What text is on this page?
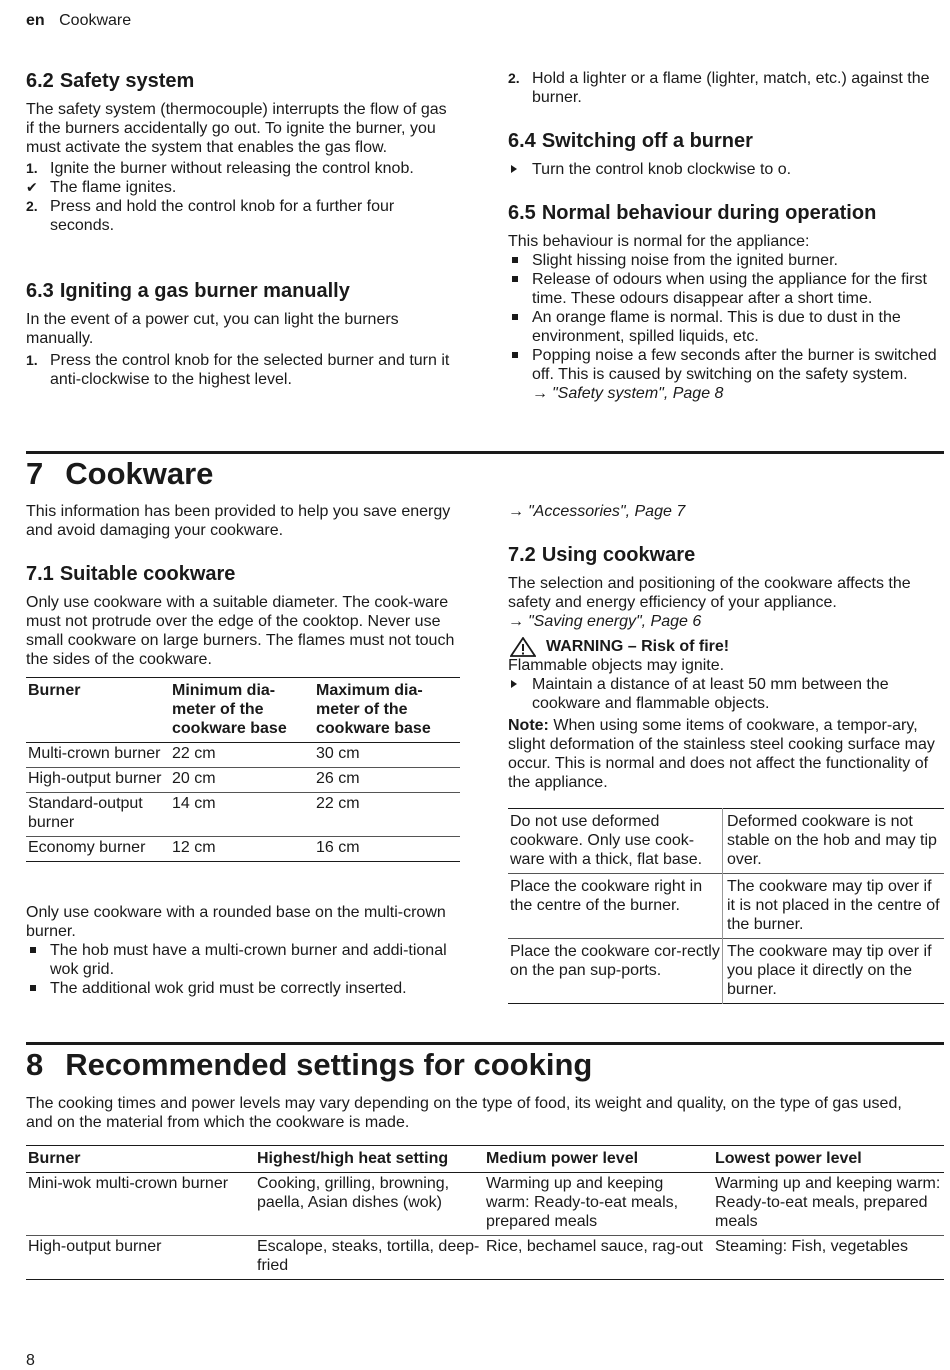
en Cookware
6.2 Safety system

The safety system (thermocouple) interrupts the flow of gas if the burners accidentally go out. To ignite the burner, you must activate the system that enables the gas flow.

1. Ignite the burner without releasing the control knob.
✔ The flame ignites.
2. Press and hold the control knob for a further four seconds.
6.3 Igniting a gas burner manually

In the event of a power cut, you can light the burners manually.

1. Press the control knob for the selected burner and turn it anti-clockwise to the highest level.
2. Hold a lighter or a flame (lighter, match, etc.) against the burner.
6.4 Switching off a burner
Turn the control knob clockwise to o.
6.5 Normal behaviour during operation

This behaviour is normal for the appliance:

Slight hissing noise from the ignited burner.
Release of odours when using the appliance for the first time. These odours disappear after a short time.
An orange flame is normal. This is due to dust in the environment, spilled liquids, etc.
Popping noise a few seconds after the burner is switched off. This is caused by switching on the safety system.
→ "Safety system", Page 8
7 Cookware

This information has been provided to help you save energy and avoid damaging your cookware.

7.1 Suitable cookware

Only use cookware with a suitable diameter. The cook-ware must not protrude over the edge of the cooktop. Never use small cookware on large burners. The flames must not touch the sides of the cookware.

Burner	Minimum dia-meter of the cookware base	Maximum dia-meter of the cookware base
Multi-crown burner	22 cm	30 cm
High-output burner	20 cm	26 cm
Standard-output burner	14 cm	22 cm
Economy burner	12 cm	16 cm

Only use cookware with a rounded base on the multi-crown burner.

The hob must have a multi-crown burner and addi-tional wok grid.
The additional wok grid must be correctly inserted.
→ "Accessories", Page 7
7.2 Using cookware

The selection and positioning of the cookware affects the safety and energy efficiency of your appliance.

→ "Saving energy", Page 6
WARNING – Risk of fire!

Flammable objects may ignite.

Maintain a distance of at least 50 mm between the cookware and flammable objects.

Note: When using some items of cookware, a tempor-ary, slight deformation of the stainless steel cooking surface may occur. This is normal and does not affect the functionality of the appliance.

Do not use deformed cookware. Only use cook-ware with a thick, flat base.	Deformed cookware is not stable on the hob and may tip over.
Place the cookware right in the centre of the burner.	The cookware may tip over if it is not placed in the centre of the burner.
Place the cookware cor-rectly on the pan sup-ports.	The cookware may tip over if you place it directly on the burner.
8 Recommended settings for cooking

The cooking times and power levels may vary depending on the type of food, its weight and quality, on the type of gas used, and on the material from which the cookware is made.

Burner	Highest/high heat setting	Medium power level	Lowest power level
Mini-wok multi-crown burner	Cooking, grilling, browning, paella, Asian dishes (wok)	Warming up and keeping warm: Ready-to-eat meals, prepared meals	Warming up and keeping warm: Ready-to-eat meals, prepared meals
High-output burner	Escalope, steaks, tortilla, deep-fried	Rice, bechamel sauce, rag-out	Steaming: Fish, vegetables
8
